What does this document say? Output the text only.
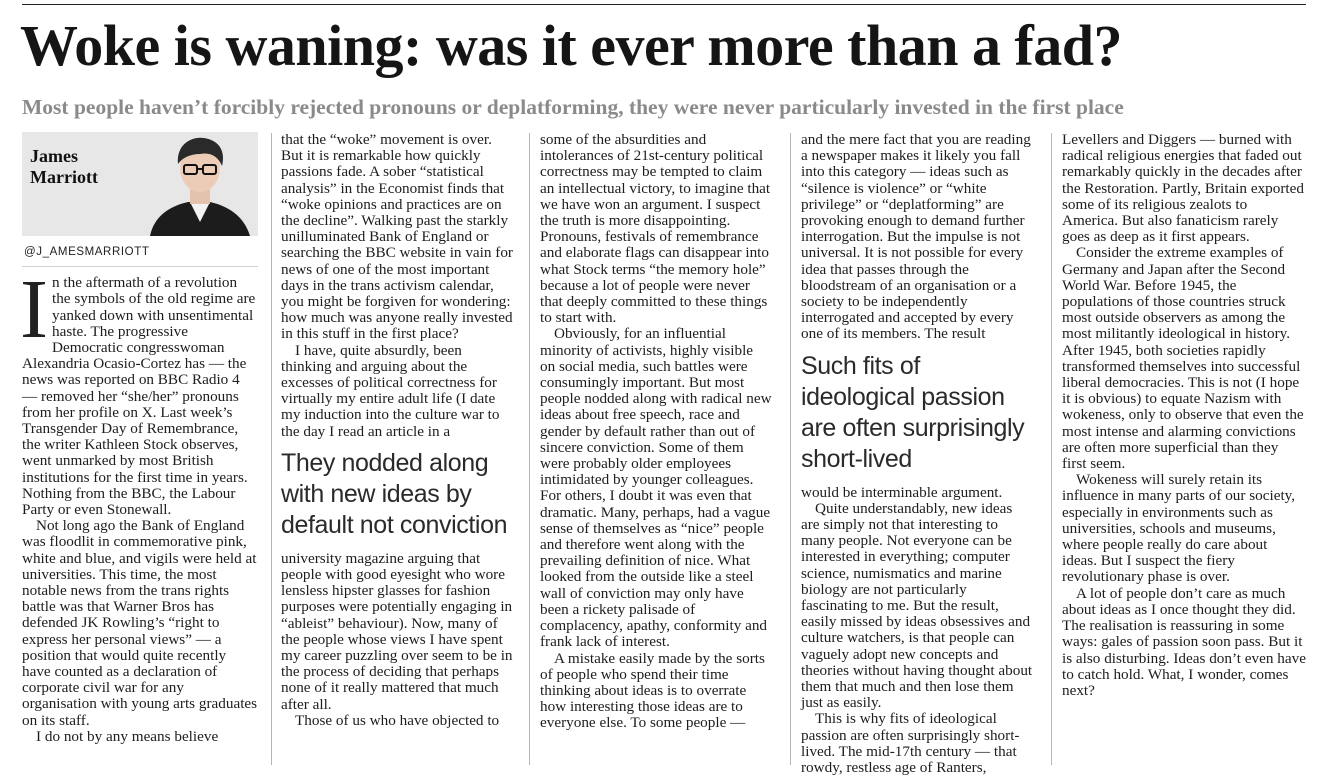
Woke is waning: was it ever more than a fad?

Most people haven’t forcibly rejected pronouns or deplatforming, they were never particularly invested in the first place

James
Marriott
@J_AMESMARRIOTT
I n the aftermath of a revolution the symbols of the old regime are yanked down with unsentimental haste. The progressive Democratic congresswoman Alexandria Ocasio-Cortez has — the news was reported on BBC Radio 4 — removed her “she/her” pronouns from her profile on X. Last week’s Transgender Day of Remembrance, the writer Kathleen Stock observes, went unmarked by most British institutions for the first time in years. Nothing from the BBC, the Labour Party or even Stonewall.

Not long ago the Bank of England was floodlit in commemorative pink, white and blue, and vigils were held at universities. This time, the most notable news from the trans rights battle was that Warner Bros has defended JK Rowling’s “right to express her personal views” — a position that would quite recently have counted as a declaration of corporate civil war for any organisation with young arts graduates on its staff.

I do not by any means believe

that the “woke” movement is over. But it is remarkable how quickly passions fade. A sober “statistical analysis” in the Economist finds that “woke opinions and practices are on the decline”. Walking past the starkly unilluminated Bank of England or searching the BBC website in vain for news of one of the most important days in the trans activism calendar, you might be forgiven for wondering: how much was anyone really invested in this stuff in the first place?

I have, quite absurdly, been thinking and arguing about the excesses of political correctness for virtually my entire adult life (I date my induction into the culture war to the day I read an article in a

They nodded along with new ideas by default not conviction

university magazine arguing that people with good eyesight who wore lensless hipster glasses for fashion purposes were potentially engaging in “ableist” behaviour). Now, many of the people whose views I have spent my career puzzling over seem to be in the process of deciding that perhaps none of it really mattered that much after all.

Those of us who have objected to

some of the absurdities and intolerances of 21st-century political correctness may be tempted to claim an intellectual victory, to imagine that we have won an argument. I suspect the truth is more disappointing. Pronouns, festivals of remembrance and elaborate flags can disappear into what Stock terms “the memory hole” because a lot of people were never that deeply committed to these things to start with.

Obviously, for an influential minority of activists, highly visible on social media, such battles were consumingly important. But most people nodded along with radical new ideas about free speech, race and gender by default rather than out of sincere conviction. Some of them were probably older employees intimidated by younger colleagues. For others, I doubt it was even that dramatic. Many, perhaps, had a vague sense of themselves as “nice” people and therefore went along with the prevailing definition of nice. What looked from the outside like a steel wall of conviction may only have been a rickety palisade of complacency, apathy, conformity and frank lack of interest.

A mistake easily made by the sorts of people who spend their time thinking about ideas is to overrate how interesting those ideas are to everyone else. To some people —

and the mere fact that you are reading a newspaper makes it likely you fall into this category — ideas such as “silence is violence” or “white privilege” or “deplatforming” are provoking enough to demand further interrogation. But the impulse is not universal. It is not possible for every idea that passes through the bloodstream of an organisation or a society to be independently interrogated and accepted by every one of its members. The result

Such fits of ideological passion are often surprisingly short-lived

would be interminable argument.

Quite understandably, new ideas are simply not that interesting to many people. Not everyone can be interested in everything; computer science, numismatics and marine biology are not particularly fascinating to me. But the result, easily missed by ideas obsessives and culture watchers, is that people can vaguely adopt new concepts and theories without having thought about them that much and then lose them just as easily.

This is why fits of ideological passion are often surprisingly short-lived. The mid-17th century — that rowdy, restless age of Ranters,

Levellers and Diggers — burned with radical religious energies that faded out remarkably quickly in the decades after the Restoration. Partly, Britain exported some of its religious zealots to America. But also fanaticism rarely goes as deep as it first appears.

Consider the extreme examples of Germany and Japan after the Second World War. Before 1945, the populations of those countries struck most outside observers as among the most militantly ideological in history. After 1945, both societies rapidly transformed themselves into successful liberal democracies. This is not (I hope it is obvious) to equate Nazism with wokeness, only to observe that even the most intense and alarming convictions are often more superficial than they first seem.

Wokeness will surely retain its influence in many parts of our society, especially in environments such as universities, schools and museums, where people really do care about ideas. But I suspect the fiery revolutionary phase is over.

A lot of people don’t care as much about ideas as I once thought they did. The realisation is reassuring in some ways: gales of passion soon pass. But it is also disturbing. Ideas don’t even have to catch hold. What, I wonder, comes next?
